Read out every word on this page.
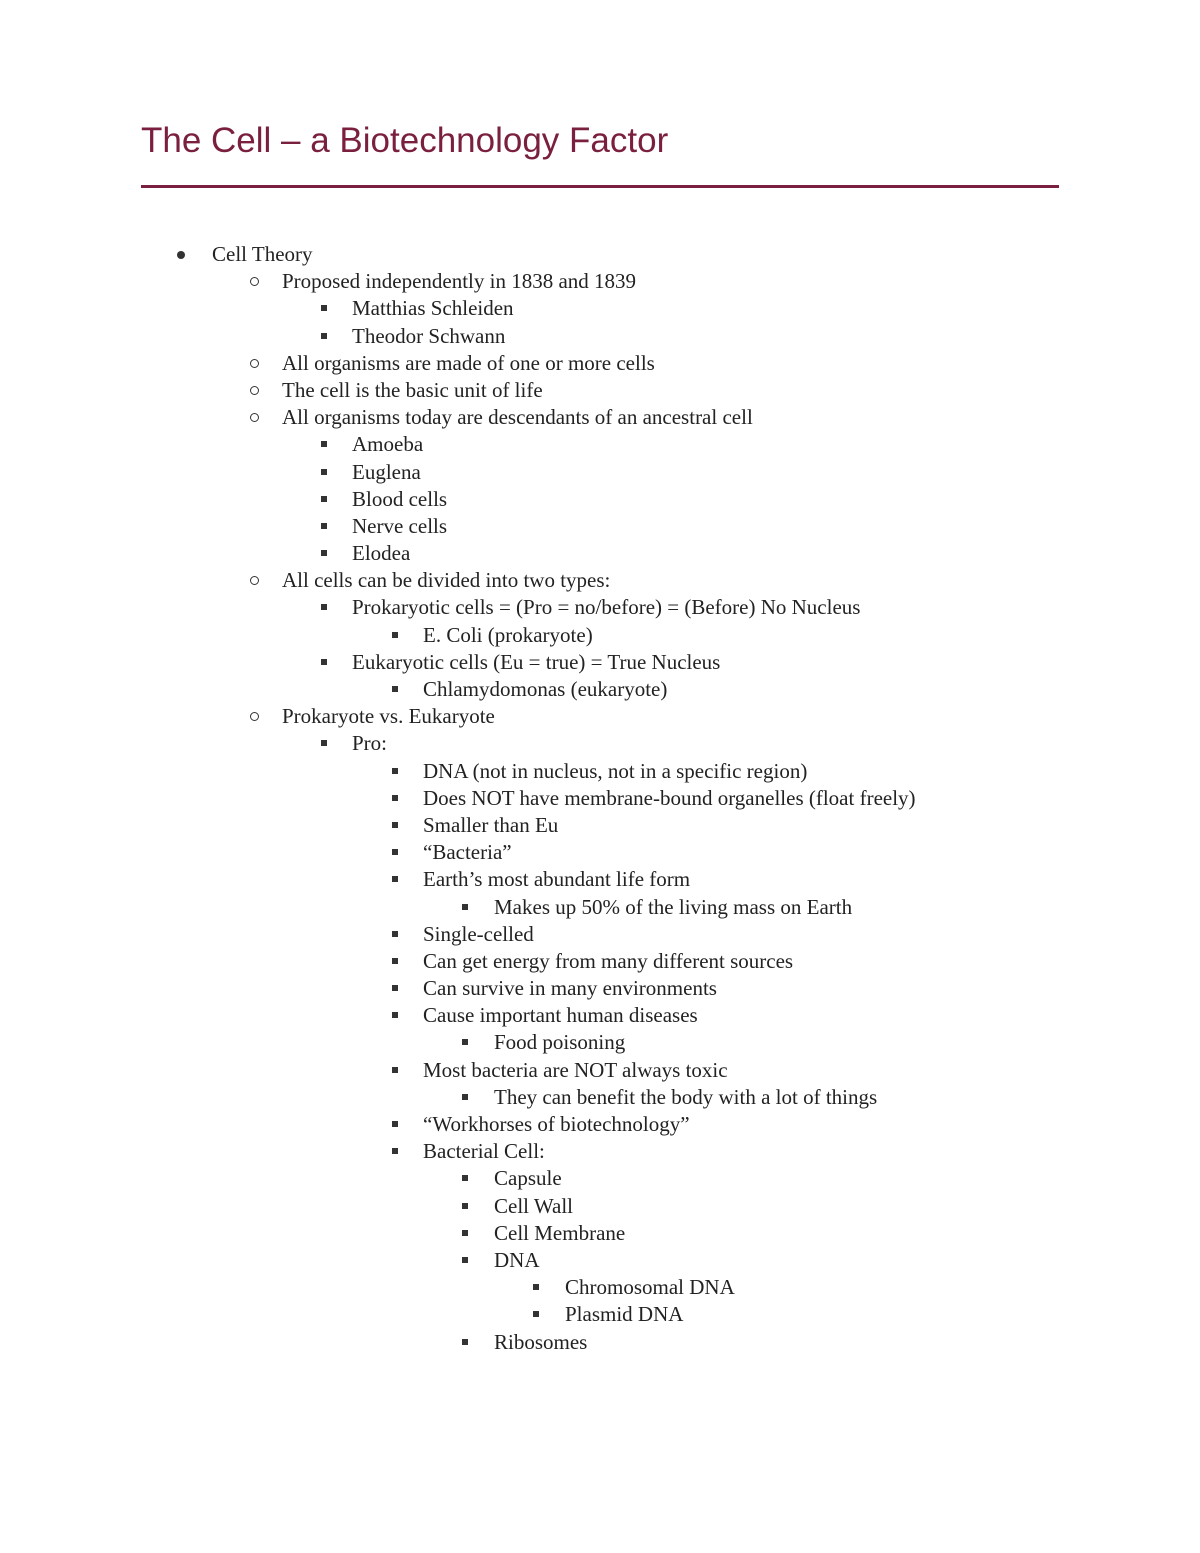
The Cell – a Biotechnology Factor
Cell Theory
Proposed independently in 1838 and 1839
Matthias Schleiden
Theodor Schwann
All organisms are made of one or more cells
The cell is the basic unit of life
All organisms today are descendants of an ancestral cell
Amoeba
Euglena
Blood cells
Nerve cells
Elodea
All cells can be divided into two types:
Prokaryotic cells = (Pro = no/before) = (Before) No Nucleus
E. Coli (prokaryote)
Eukaryotic cells (Eu = true) = True Nucleus
Chlamydomonas (eukaryote)
Prokaryote vs. Eukaryote
Pro:
DNA (not in nucleus, not in a specific region)
Does NOT have membrane-bound organelles (float freely)
Smaller than Eu
“Bacteria”
Earth’s most abundant life form
Makes up 50% of the living mass on Earth
Single-celled
Can get energy from many different sources
Can survive in many environments
Cause important human diseases
Food poisoning
Most bacteria are NOT always toxic
They can benefit the body with a lot of things
“Workhorses of biotechnology”
Bacterial Cell:
Capsule
Cell Wall
Cell Membrane
DNA
Chromosomal DNA
Plasmid DNA
Ribosomes
